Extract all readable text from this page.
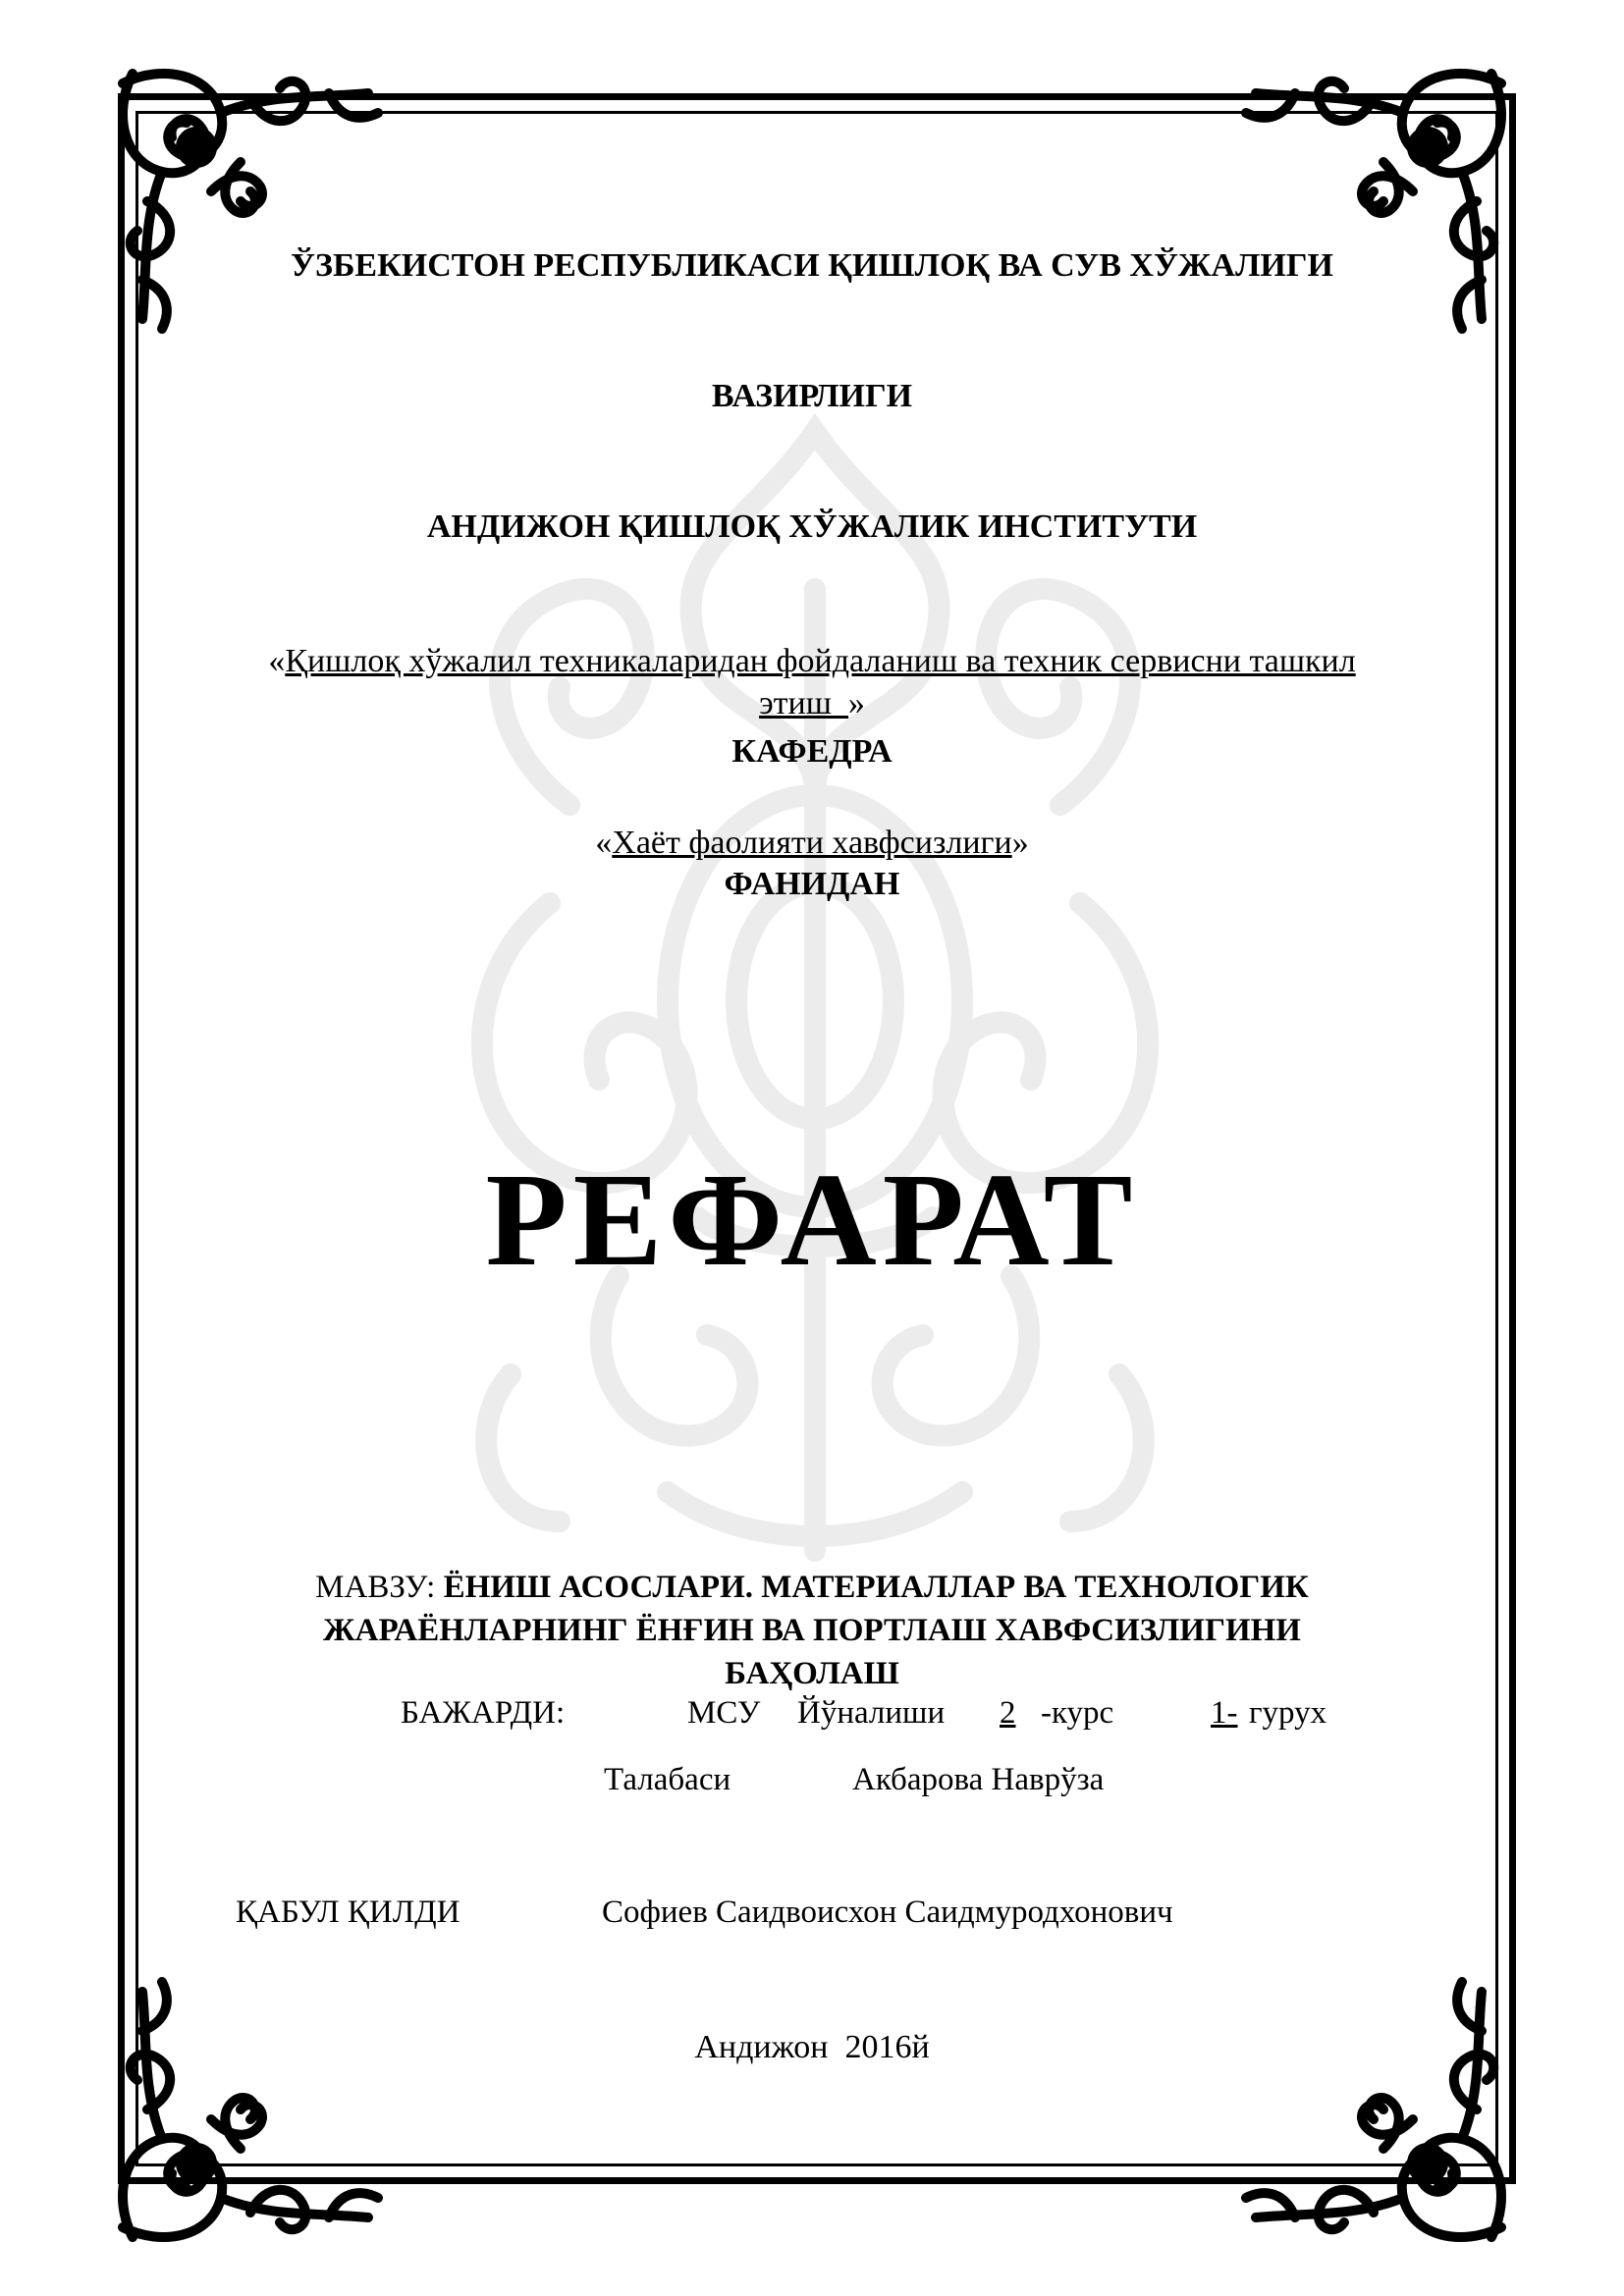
ЎЗБЕКИСТОН РЕСПУБЛИКАСИ ҚИШЛОҚ ВА СУВ ХЎЖАЛИГИ
ВАЗИРЛИГИ
АНДИЖОН ҚИШЛОҚ ХЎЖАЛИК ИНСТИТУТИ
«Қишлоқ хўжалил техникаларидан фойдаланиш ва техник сервисни ташкил
этиш_»
КАФЕДРА
«Хаёт фаолияти хавфсизлиги»
ФАНИДАН
РЕФАРАТ
МАВЗУ: ЁНИШ АСОСЛАРИ. МАТЕРИАЛЛАР ВА ТЕХНОЛОГИК
ЖАРАЁНЛАРНИНГ ЁНҒИН ВА ПОРТЛАШ ХАВФСИЗЛИГИНИ
БАҲОЛАШ
БАЖАРДИ:	МСУ Йўналиши 2 -курс	1- гурух
Талабаси	Акбарова Наврўза
ҚАБУЛ ҚИЛДИ	Софиев Саидвоисхон Саидмуродхонович
Андижон  2016й
